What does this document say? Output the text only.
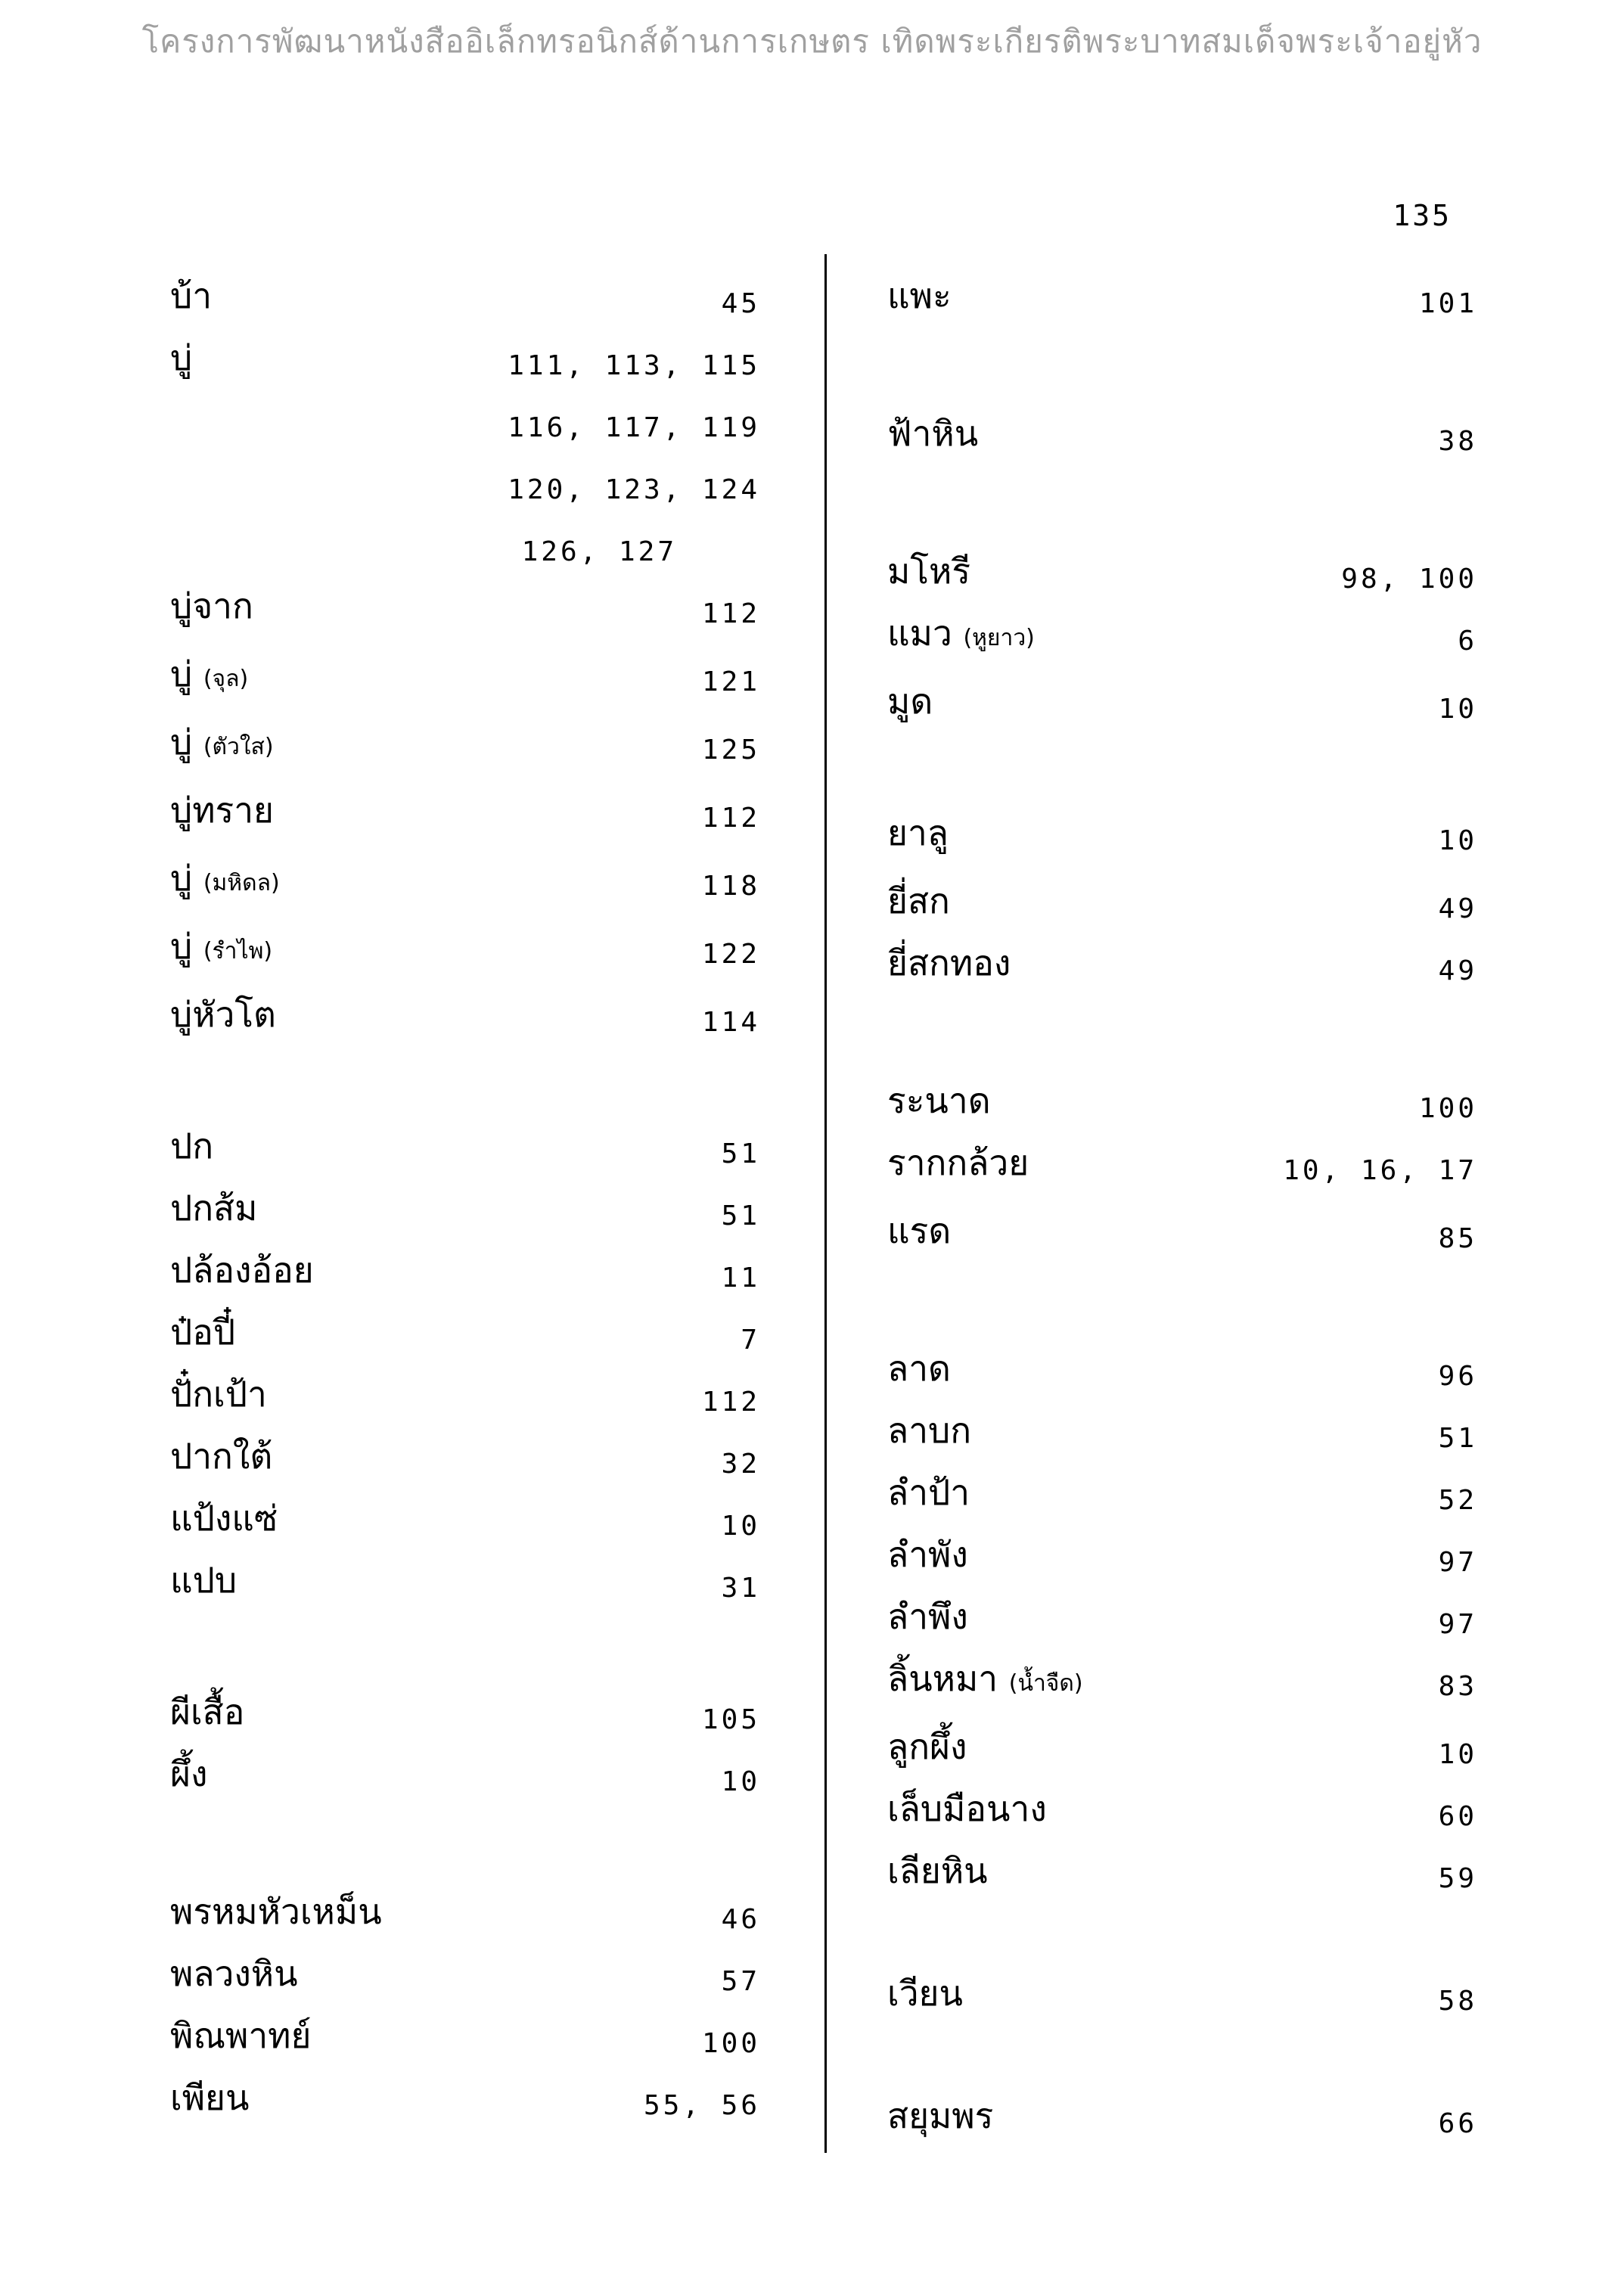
โครงการพัฒนาหนังสืออิเล็กทรอนิกส์ด้านการเกษตร เทิดพระเกียรติพระบาทสมเด็จพระเจ้าอยู่หัว
135
บ้า	45
บู่	111, 113, 115
116, 117, 119
120, 123, 124
126, 127
บู่จาก	112
บู่ (จุล)	121
บู่ (ตัวใส)	125
บู่ทราย	112
บู่ (มหิดล)	118
บู่ (รำไพ)	122
บู่หัวโต	114
ปก	51
ปกส้ม	51
ปล้องอ้อย	11
ป๋อปี๋	7
ปั๋กเป้า	112
ปากใต้	32
แป้งแซ่	10
แปบ	31
ผีเสื้อ	105
ผึ้ง	10
พรหมหัวเหม็น	46
พลวงหิน	57
พิณพาทย์	100
เพียน	55, 56
แพะ	101
ฟ้าหิน	38
มโหรี	98, 100
แมว (หูยาว)	6
มูด	10
ยาลู	10
ยี่สก	49
ยี่สกทอง	49
ระนาด	100
รากกล้วย	10, 16, 17
แรด	85
ลาด	96
ลาบก	51
ลำป้า	52
ลำพัง	97
ลำพึง	97
ลิ้นหมา (น้ำจืด)	83
ลูกผึ้ง	10
เล็บมือนาง	60
เลียหิน	59
เวียน	58
สยุมพร	66
